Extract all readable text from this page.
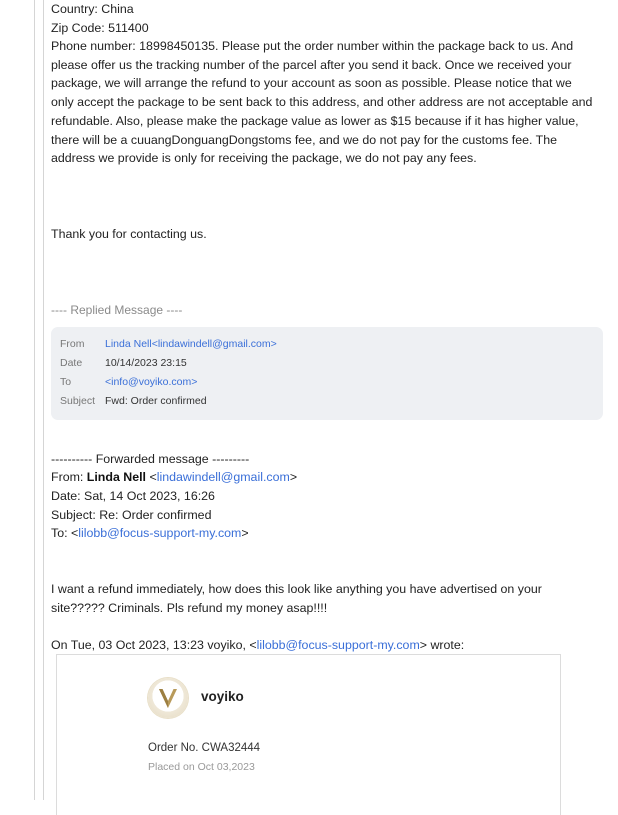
Country: China

Zip Code: 511400

Phone number: 18998450135. Please put the order number within the package back to us. And please offer us the tracking number of the parcel after you send it back. Once we received your package, we will arrange the refund to your account as soon as possible. Please notice that we only accept the package to be sent back to this address, and other address are not acceptable and refundable. Also, please make the package value as lower as $15 because if it has higher value, there will be a cuuangDonguangDongstoms fee, and we do not pay for the customs fee. The address we provide is only for receiving the package, we do not pay any fees.

Thank you for contacting us.

---- Replied Message ----

From Linda Nell<lindawindell@gmail.com>
Date 10/14/2023 23:15
To	<info@voyiko.com>
Subject Fwd: Order confirmed

---------- Forwarded message ---------

From: Linda Nell <lindawindell@gmail.com>

Date: Sat, 14 Oct 2023, 16:26

Subject: Re: Order confirmed

To: <lilobb@focus-support-my.com>

I want a refund immediately, how does this look like anything you have advertised on your site????? Criminals. Pls refund my money asap!!!!

On Tue, 03 Oct 2023, 13:23 voyiko, <lilobb@focus-support-my.com> wrote:

voyiko
Order No. CWA32444
Placed on Oct 03,2023
